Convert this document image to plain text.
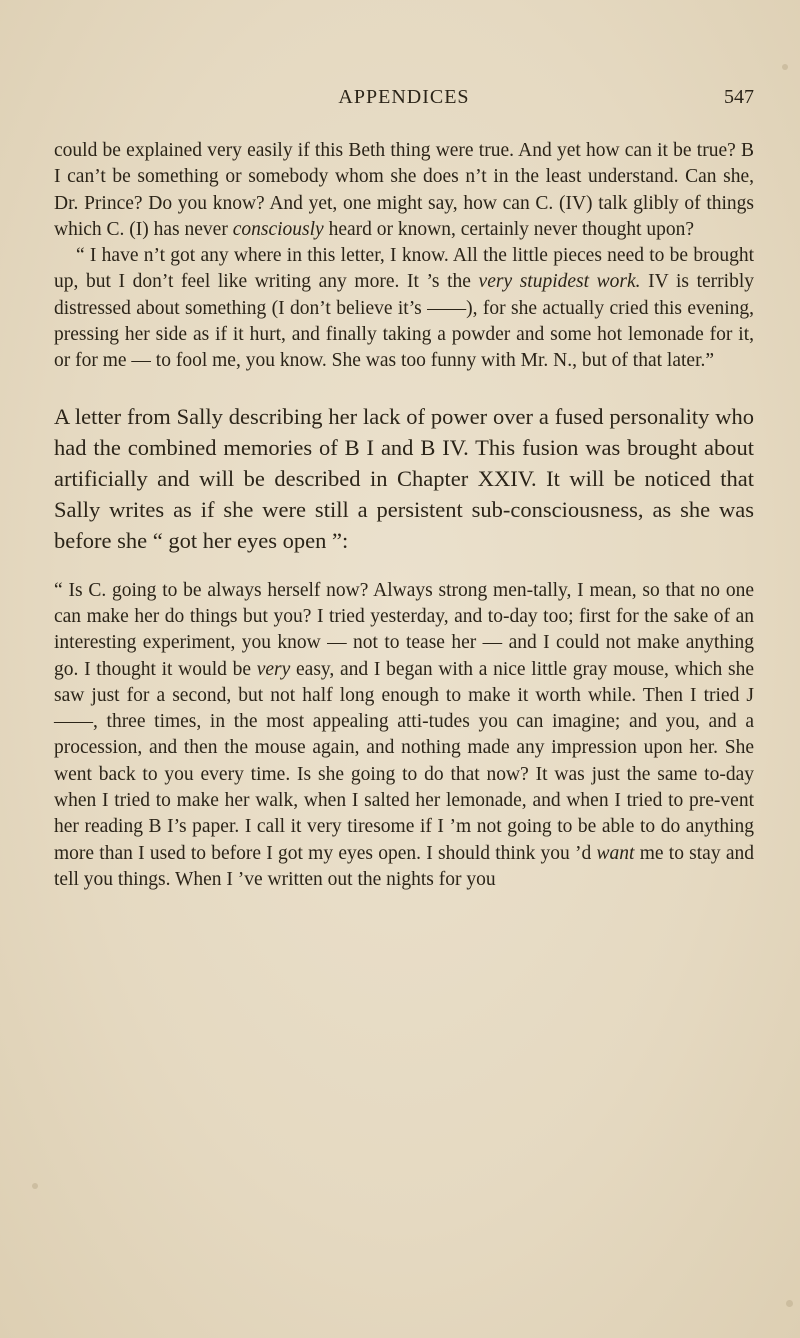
APPENDICES	547

could be explained very easily if this Beth thing were true. And yet how can it be true? B I can’t be something or somebody whom she does n’t in the least understand. Can she, Dr. Prince? Do you know? And yet, one might say, how can C. (IV) talk glibly of things which C. (I) has never consciously heard or known, certainly never thought upon?

“ I have n’t got any where in this letter, I know. All the little pieces need to be brought up, but I don’t feel like writing any more. It ’s the very stupidest work. IV is terribly distressed about something (I don’t believe it’s ——), for she actually cried this evening, pressing her side as if it hurt, and finally taking a powder and some hot lemonade for it, or for me — to fool me, you know. She was too funny with Mr. N., but of that later.”

A letter from Sally describing her lack of power over a fused personality who had the combined memories of B I and B IV. This fusion was brought about artificially and will be described in Chapter XXIV. It will be noticed that Sally writes as if she were still a persistent sub-consciousness, as she was before she “ got her eyes open ”:

“ Is C. going to be always herself now? Always strong men-tally, I mean, so that no one can make her do things but you? I tried yesterday, and to-day too; first for the sake of an interesting experiment, you know — not to tease her — and I could not make anything go. I thought it would be very easy, and I began with a nice little gray mouse, which she saw just for a second, but not half long enough to make it worth while. Then I tried J——, three times, in the most appealing atti-tudes you can imagine; and you, and a procession, and then the mouse again, and nothing made any impression upon her. She went back to you every time. Is she going to do that now? It was just the same to-day when I tried to make her walk, when I salted her lemonade, and when I tried to pre-vent her reading B I’s paper. I call it very tiresome if I ’m not going to be able to do anything more than I used to before I got my eyes open. I should think you ’d want me to stay and tell you things. When I ’ve written out the nights for you
